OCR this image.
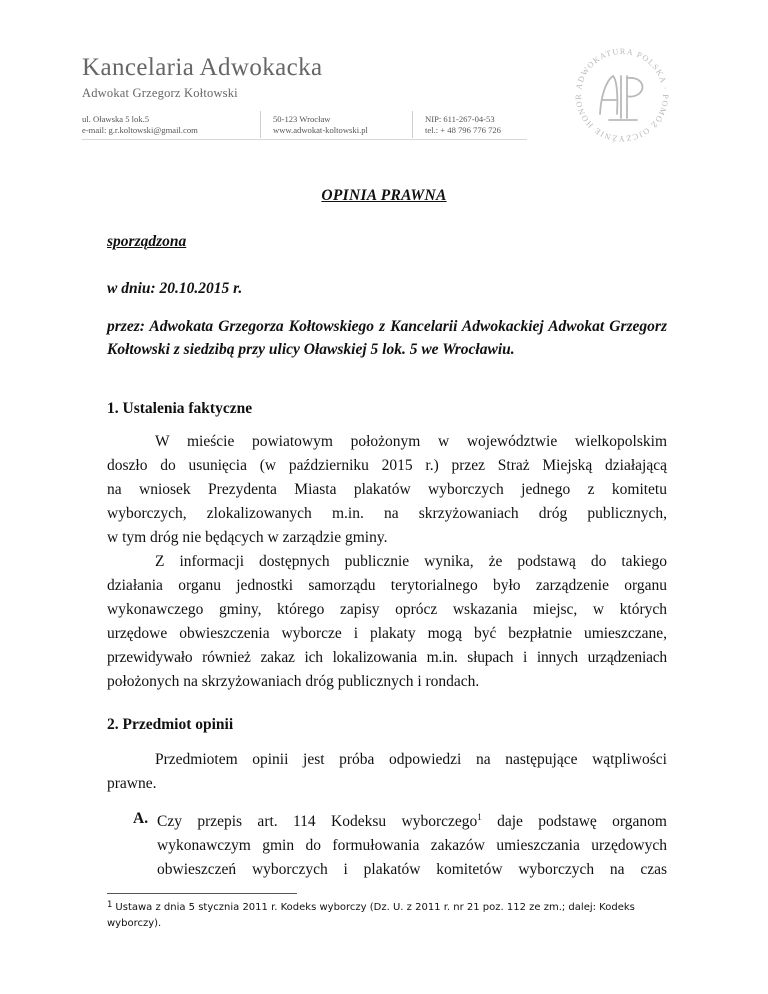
Kancelaria Adwokacka
Adwokat Grzegorz Kołtowski
ul. Oławska 5 lok.5
e-mail: g.r.koltowski@gmail.com
50-123 Wrocław
www.adwokat-koltowski.pl
NIP: 611-267-04-53
tel.: + 48 796 776 726
ADWOKATURA POLSKA · POMÓŻ OJCZYŹNIE HONOR
OPINIA PRAWNA
sporządzona
w dniu: 20.10.2015 r.
przez: Adwokata Grzegorza Kołtowskiego z Kancelarii Adwokackiej Adwokat Grzegorz Kołtowski z siedzibą przy ulicy Oławskiej 5 lok. 5 we Wrocławiu.
1. Ustalenia faktyczne
W mieście powiatowym położonym w województwie wielkopolskim
doszło do usunięcia (w październiku 2015 r.) przez Straż Miejską działającą
na wniosek Prezydenta Miasta plakatów wyborczych jednego z komitetu
wyborczych, zlokalizowanych m.in. na skrzyżowaniach dróg publicznych,
w tym dróg nie będących w zarządzie gminy.
Z informacji dostępnych publicznie wynika, że podstawą do takiego
działania organu jednostki samorządu terytorialnego było zarządzenie organu
wykonawczego gminy, którego zapisy oprócz wskazania miejsc, w których
urzędowe obwieszczenia wyborcze i plakaty mogą być bezpłatnie umieszczane,
przewidywało również zakaz ich lokalizowania m.in. słupach i innych urządzeniach
położonych na skrzyżowaniach dróg publicznych i rondach.
2. Przedmiot opinii
Przedmiotem opinii jest próba odpowiedzi na następujące wątpliwości
prawne.
A. Czy przepis art. 114 Kodeksu wyborczego$^1$ daje podstawę organom
wykonawczym gmin do formułowania zakazów umieszczania urzędowych
obwieszczeń wyborczych i plakatów komitetów wyborczych na czas
$^1$ Ustawa z dnia 5 stycznia 2011 r. Kodeks wyborczy (Dz. U. z 2011 r. nr 21 poz. 112 ze zm.; dalej: Kodeks wyborczy).
